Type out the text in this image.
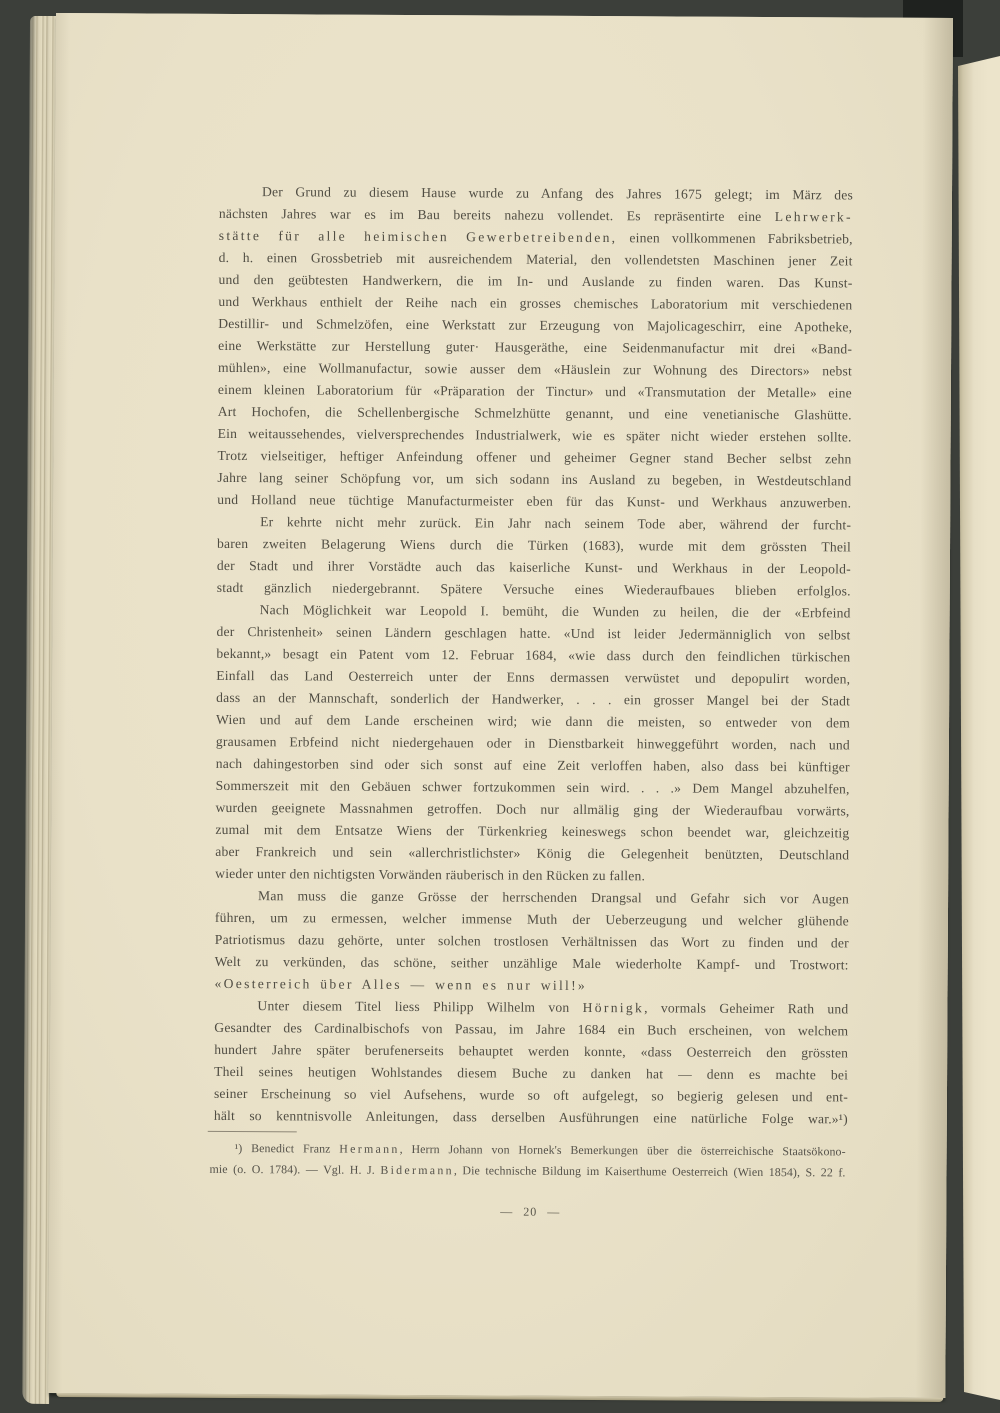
Der Grund zu diesem Hause wurde zu Anfang des Jahres 1675 gelegt; im März des
nächsten Jahres war es im Bau bereits nahezu vollendet. Es repräsentirte eine Lehrwerk-
stätte für alle heimischen Gewerbetreibenden, einen vollkommenen Fabriksbetrieb,
d. h. einen Grossbetrieb mit ausreichendem Material, den vollendetsten Maschinen jener Zeit
und den geübtesten Handwerkern, die im In- und Auslande zu finden waren. Das Kunst-
und Werkhaus enthielt der Reihe nach ein grosses chemisches Laboratorium mit verschiedenen
Destillir- und Schmelzöfen, eine Werkstatt zur Erzeugung von Majolicageschirr, eine Apotheke,
eine Werkstätte zur Herstellung guter· Hausgeräthe, eine Seidenmanufactur mit drei «Band-
mühlen», eine Wollmanufactur, sowie ausser dem «Häuslein zur Wohnung des Directors» nebst
einem kleinen Laboratorium für «Präparation der Tinctur» und «Transmutation der Metalle» eine
Art Hochofen, die Schellenbergische Schmelzhütte genannt, und eine venetianische Glashütte.
Ein weitaussehendes, vielversprechendes Industrialwerk, wie es später nicht wieder erstehen sollte.
Trotz vielseitiger, heftiger Anfeindung offener und geheimer Gegner stand Becher selbst zehn
Jahre lang seiner Schöpfung vor, um sich sodann ins Ausland zu begeben, in Westdeutschland
und Holland neue tüchtige Manufacturmeister eben für das Kunst- und Werkhaus anzuwerben.
Er kehrte nicht mehr zurück. Ein Jahr nach seinem Tode aber, während der furcht-
baren zweiten Belagerung Wiens durch die Türken (1683), wurde mit dem grössten Theil
der Stadt und ihrer Vorstädte auch das kaiserliche Kunst- und Werkhaus in der Leopold-
stadt gänzlich niedergebrannt. Spätere Versuche eines Wiederaufbaues blieben erfolglos.
Nach Möglichkeit war Leopold I. bemüht, die Wunden zu heilen, die der «Erbfeind
der Christenheit» seinen Ländern geschlagen hatte. «Und ist leider Jedermänniglich von selbst
bekannt,» besagt ein Patent vom 12. Februar 1684, «wie dass durch den feindlichen türkischen
Einfall das Land Oesterreich unter der Enns dermassen verwüstet und depopulirt worden,
dass an der Mannschaft, sonderlich der Handwerker, . . . ein grosser Mangel bei der Stadt
Wien und auf dem Lande erscheinen wird; wie dann die meisten, so entweder von dem
grausamen Erbfeind nicht niedergehauen oder in Dienstbarkeit hinweggeführt worden, nach und
nach dahingestorben sind oder sich sonst auf eine Zeit verloffen haben, also dass bei künftiger
Sommerszeit mit den Gebäuen schwer fortzukommen sein wird. . . .» Dem Mangel abzuhelfen,
wurden geeignete Massnahmen getroffen. Doch nur allmälig ging der Wiederaufbau vorwärts,
zumal mit dem Entsatze Wiens der Türkenkrieg keineswegs schon beendet war, gleichzeitig
aber Frankreich und sein «allerchristlichster» König die Gelegenheit benützten, Deutschland
wieder unter den nichtigsten Vorwänden räuberisch in den Rücken zu fallen.
Man muss die ganze Grösse der herrschenden Drangsal und Gefahr sich vor Augen
führen, um zu ermessen, welcher immense Muth der Ueberzeugung und welcher glühende
Patriotismus dazu gehörte, unter solchen trostlosen Verhältnissen das Wort zu finden und der
Welt zu verkünden, das schöne, seither unzählige Male wiederholte Kampf- und Trostwort:
«Oesterreich über Alles — wenn es nur will!»
Unter diesem Titel liess Philipp Wilhelm von Hörnigk, vormals Geheimer Rath und
Gesandter des Cardinalbischofs von Passau, im Jahre 1684 ein Buch erscheinen, von welchem
hundert Jahre später berufenerseits behauptet werden konnte, «dass Oesterreich den grössten
Theil seines heutigen Wohlstandes diesem Buche zu danken hat — denn es machte bei
seiner Erscheinung so viel Aufsehens, wurde so oft aufgelegt, so begierig gelesen und ent-
hält so kenntnisvolle Anleitungen, dass derselben Ausführungen eine natürliche Folge war.»¹)
¹) Benedict Franz Hermann, Herrn Johann von Hornek's Bemerkungen über die österreichische Staatsökono-
mie (o. O. 1784). — Vgl. H. J. Bidermann, Die technische Bildung im Kaiserthume Oesterreich (Wien 1854), S. 22 f.
— 20 —
